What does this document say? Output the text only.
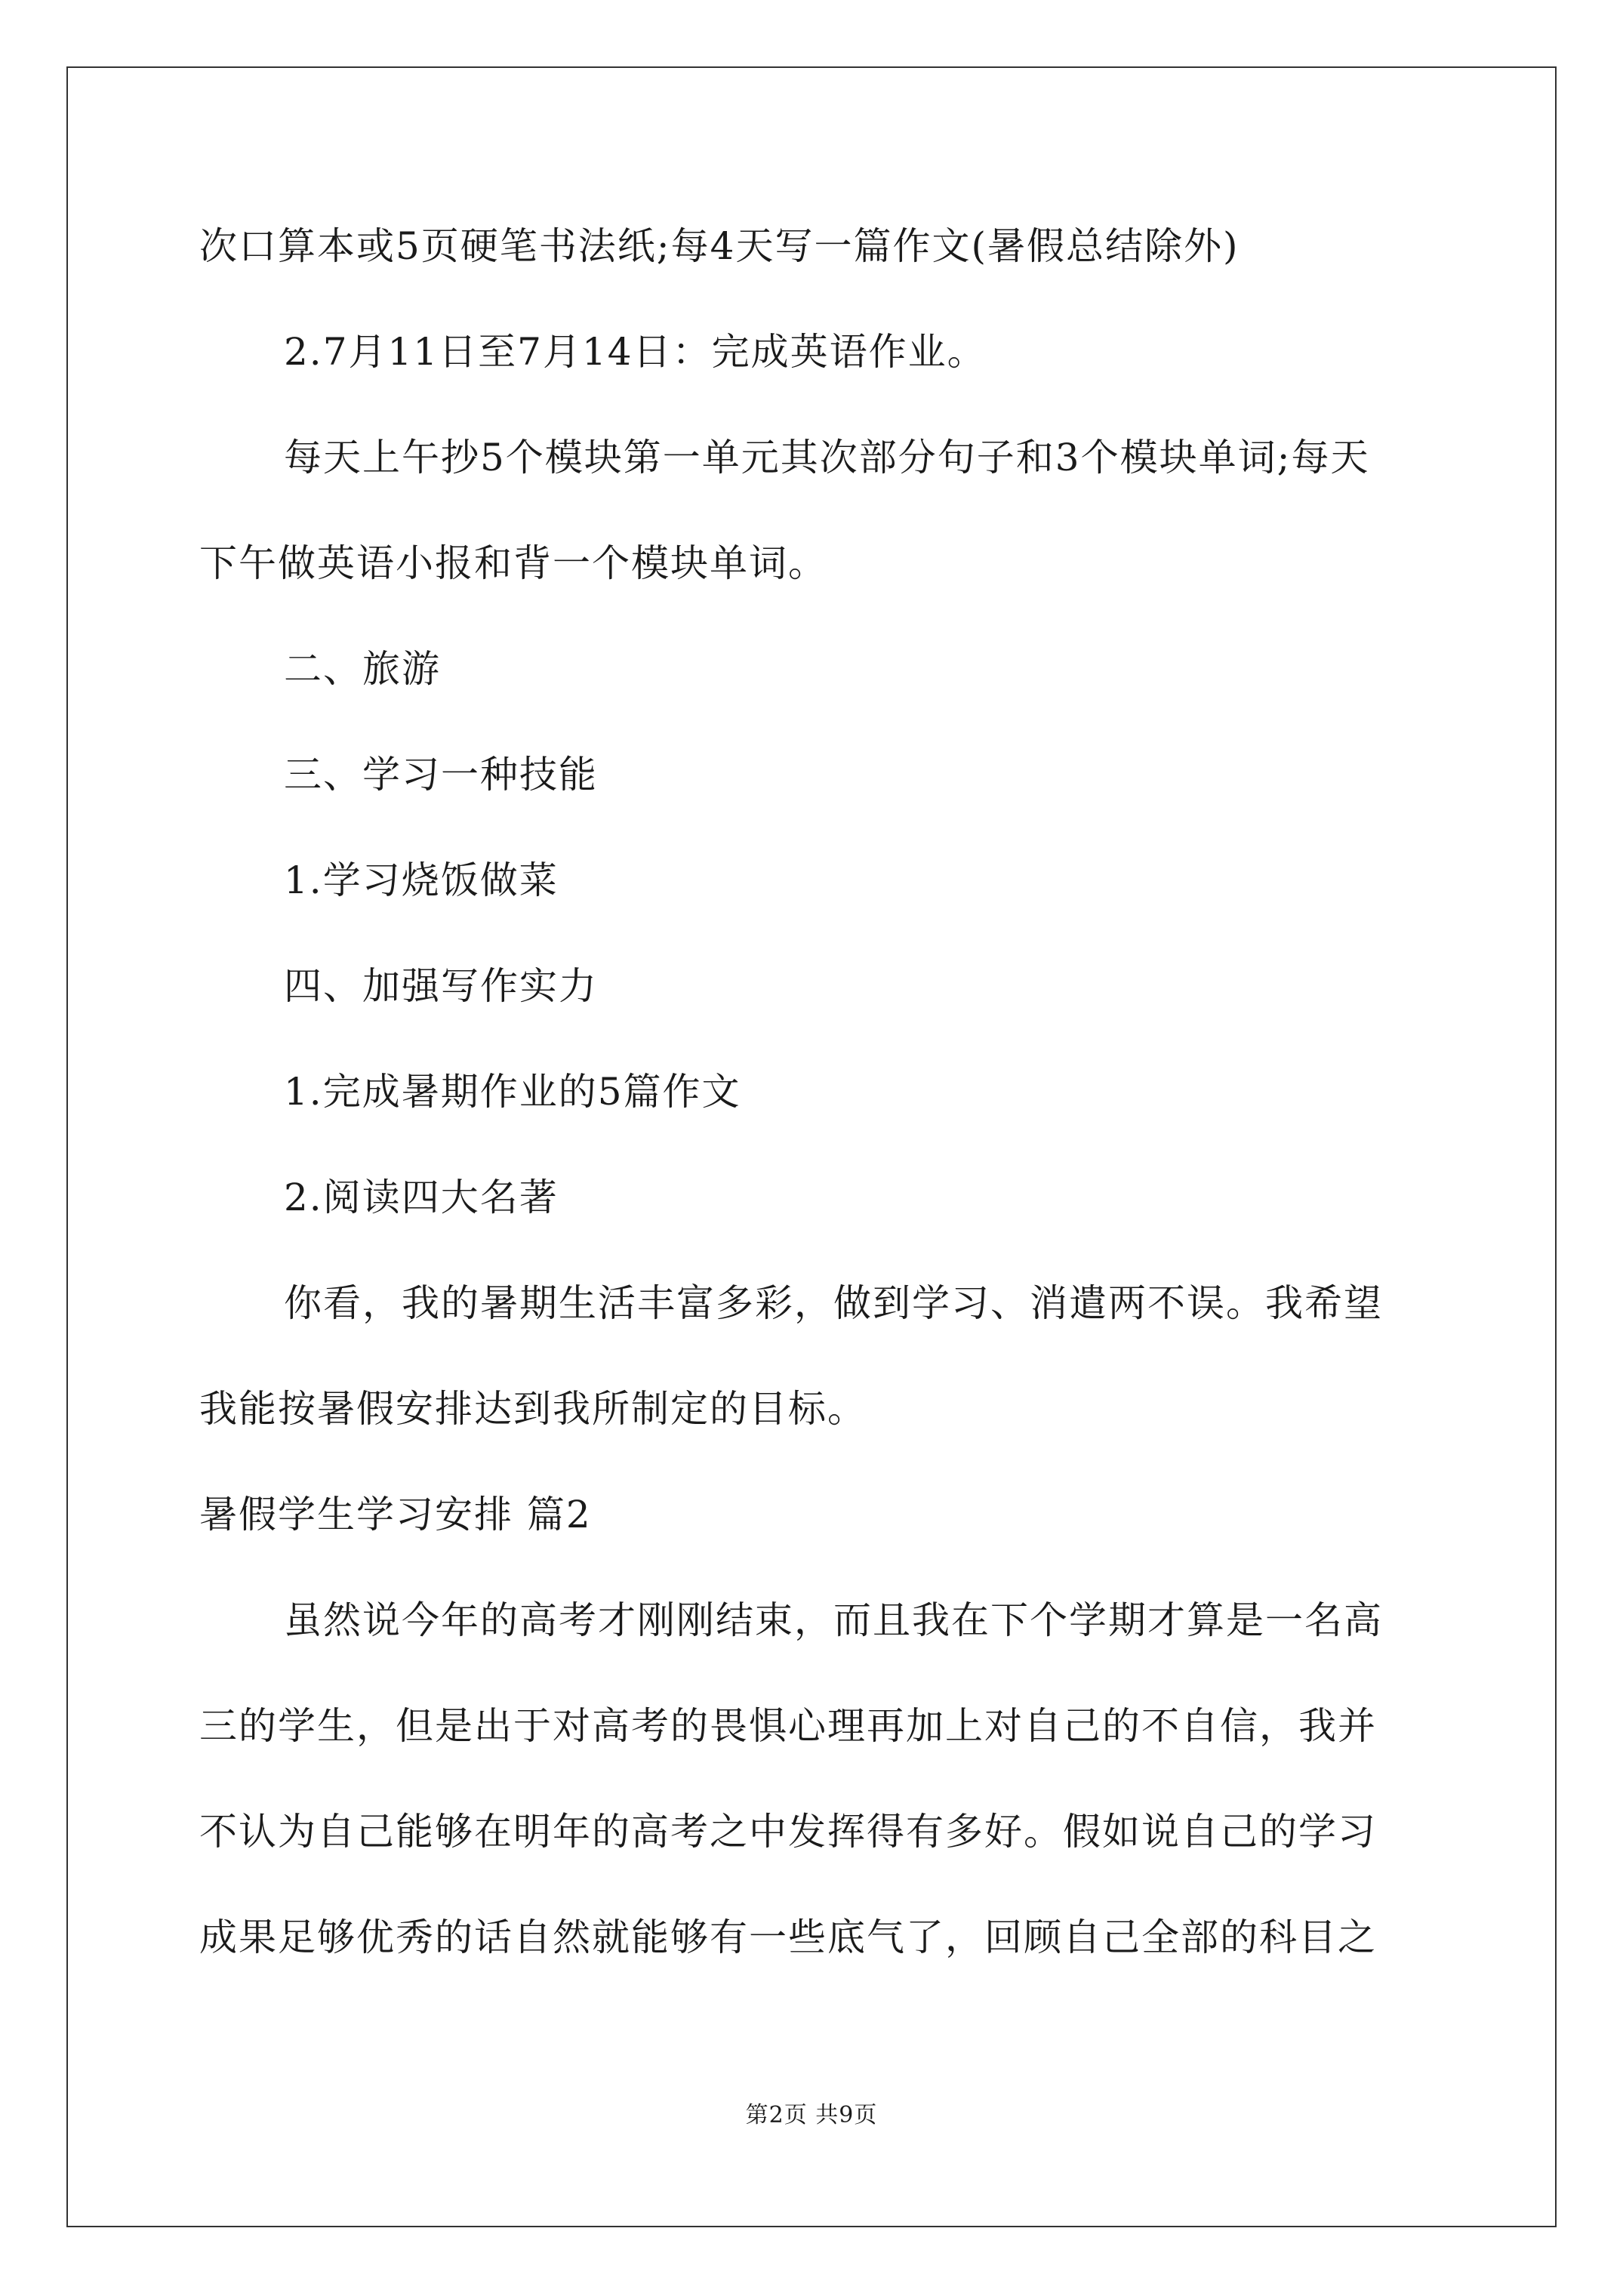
次口算本或5页硬笔书法纸;每4天写一篇作文(暑假总结除外)
2.7月11日至7月14日：完成英语作业。
每天上午抄5个模块第一单元其次部分句子和3个模块单词;每天
下午做英语小报和背一个模块单词。
二、旅游
三、学习一种技能
1.学习烧饭做菜
四、加强写作实力
1.完成暑期作业的5篇作文
2.阅读四大名著
你看，我的暑期生活丰富多彩，做到学习、消遣两不误。我希望
我能按暑假安排达到我所制定的目标。
暑假学生学习安排 篇2
虽然说今年的高考才刚刚结束，而且我在下个学期才算是一名高
三的学生，但是出于对高考的畏惧心理再加上对自己的不自信，我并
不认为自己能够在明年的高考之中发挥得有多好。假如说自己的学习
成果足够优秀的话自然就能够有一些底气了，回顾自己全部的科目之
第2页 共9页
